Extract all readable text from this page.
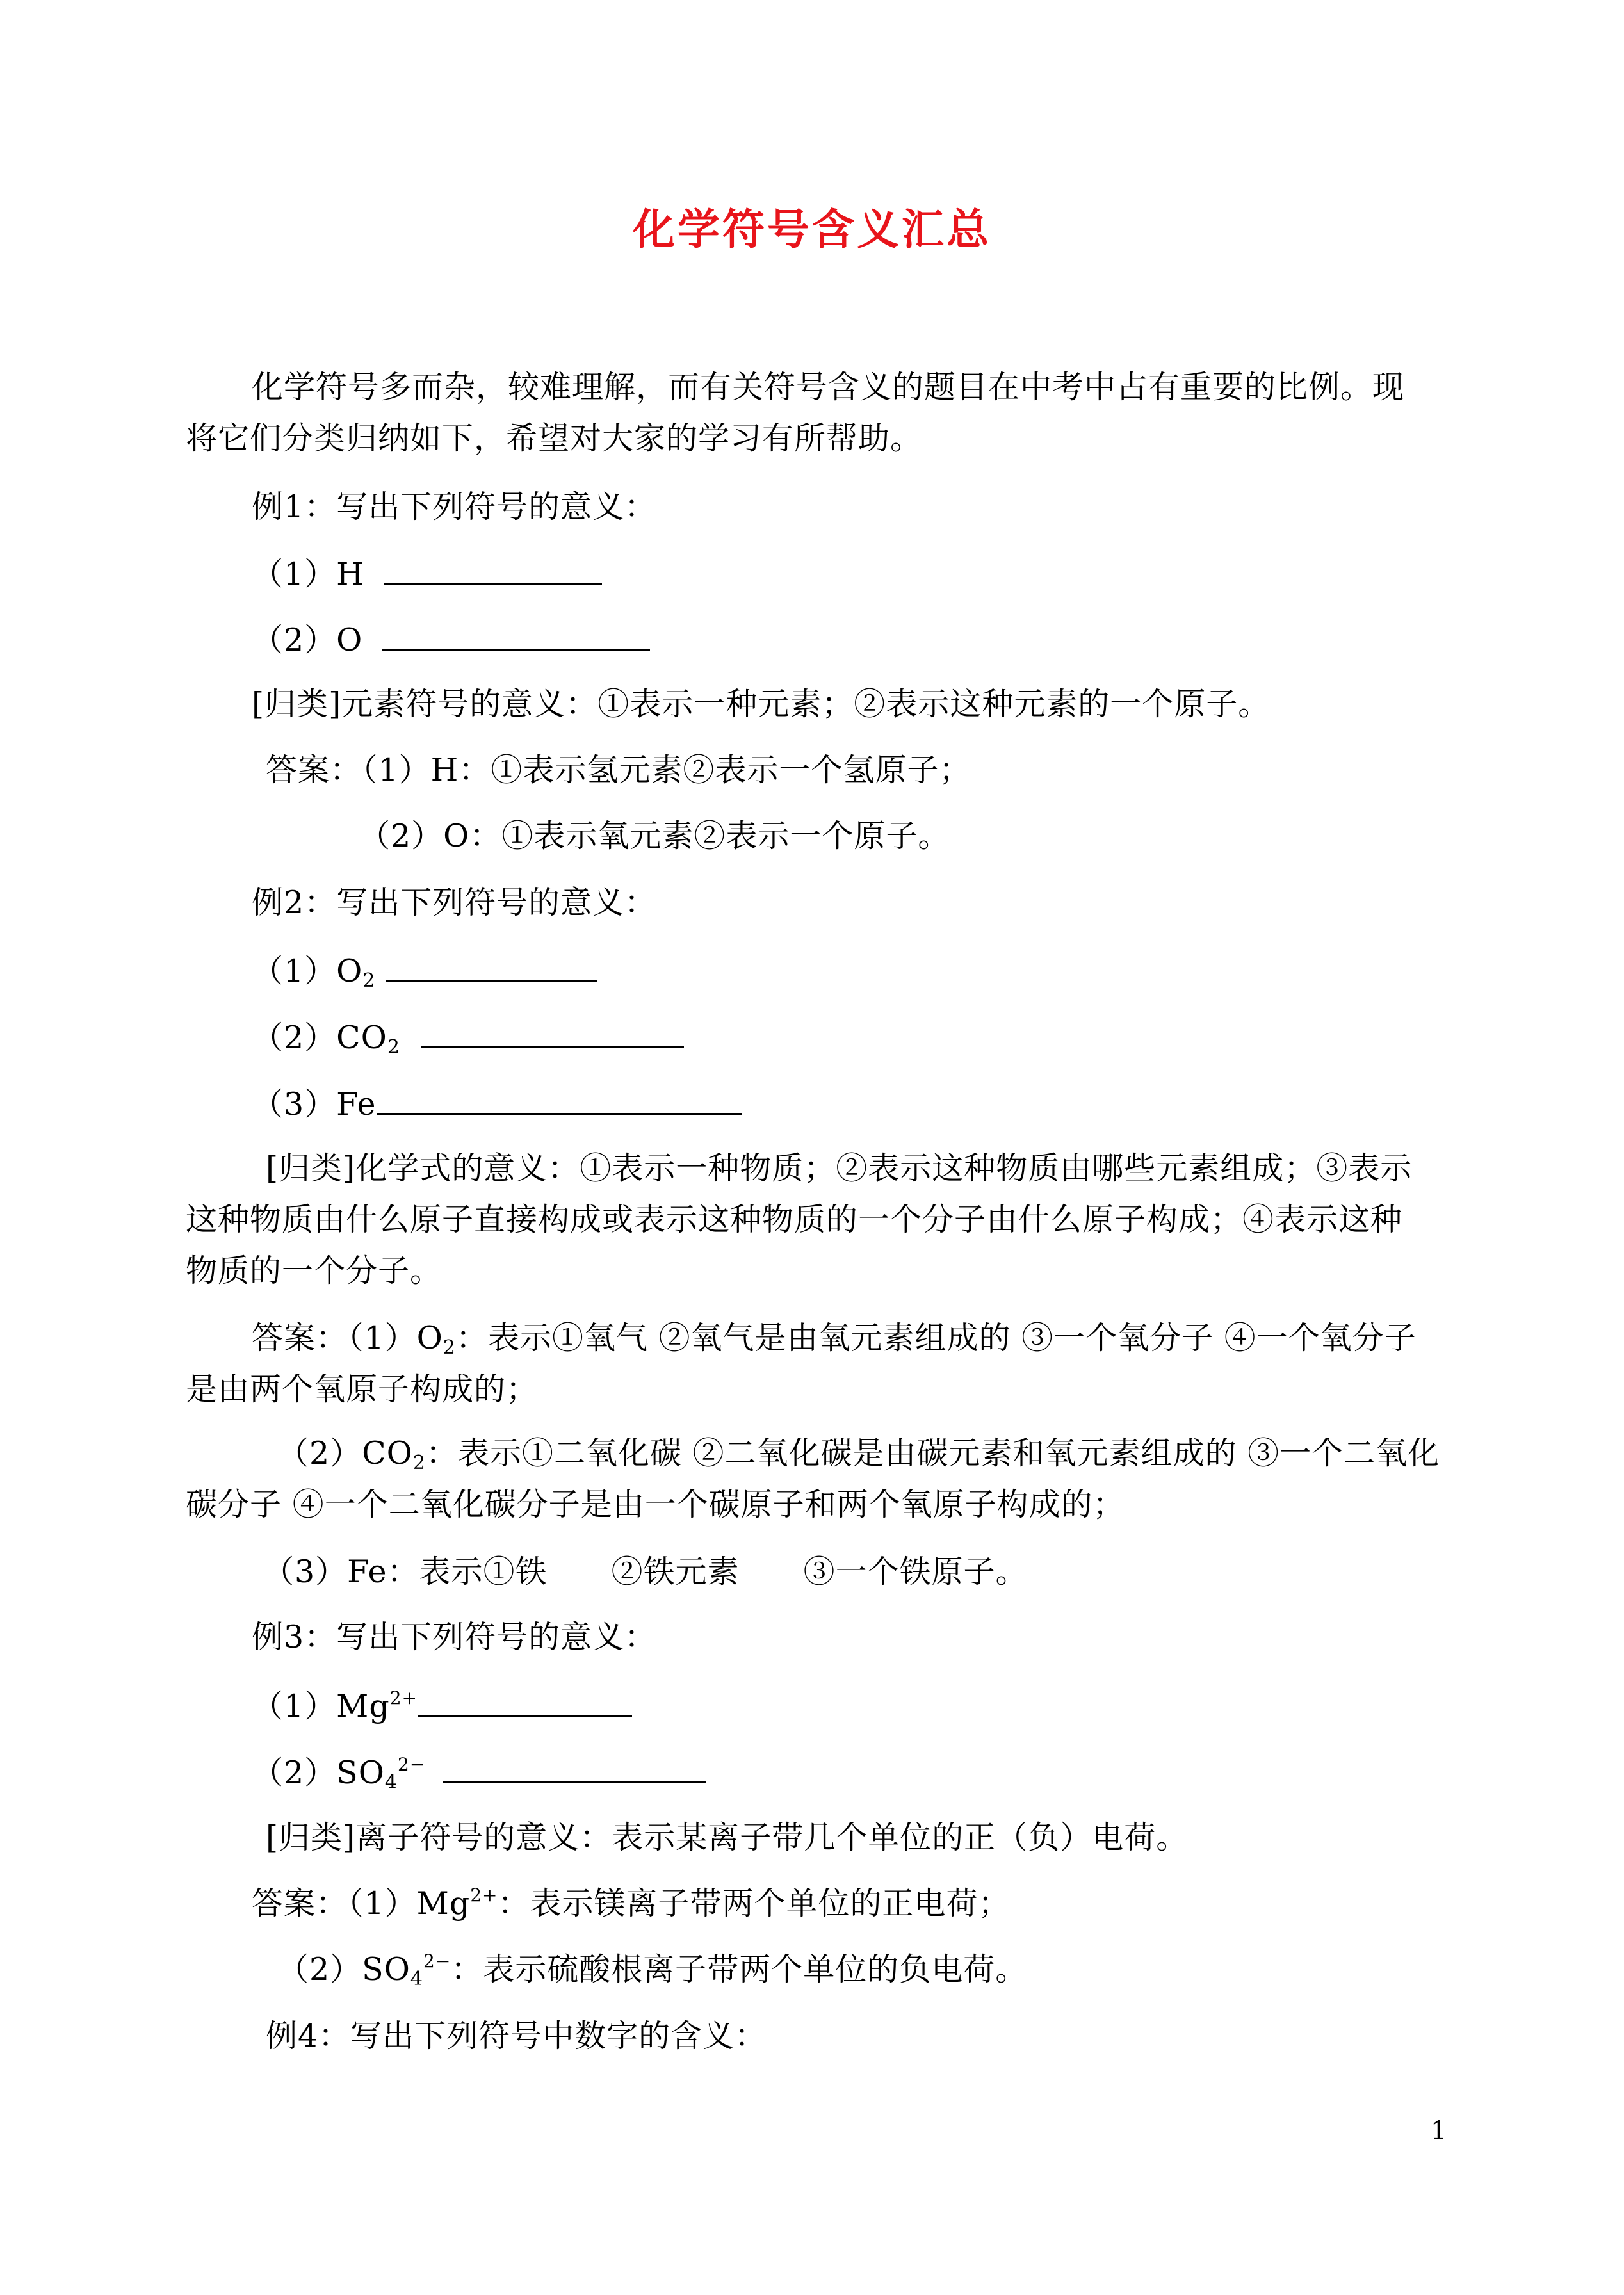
化学符号含义汇总
化学符号多而杂，较难理解，而有关符号含义的题目在中考中占有重要的比例。现
将它们分类归纳如下，希望对大家的学习有所帮助。
例1：写出下列符号的意义：
（1）H
（2）O
[归类]元素符号的意义：①表示一种元素；②表示这种元素的一个原子。
答案：（1）H：①表示氢元素②表示一个氢原子；
（2）O：①表示氧元素②表示一个原子。
例2：写出下列符号的意义：
$(1)O_2$
$(2)CO_2$
（3）Fe
[归类]化学式的意义：①表示一种物质；②表示这种物质由哪些元素组成；③表示
这种物质由什么原子直接构成或表示这种物质的一个分子由什么原子构成；④表示这种
物质的一个分子。
答案：$(1)O_2$：表示①氧气 ②氧气是由氧元素组成的 ③一个氧分子 ④一个氧分子
是由两个氧原子构成的；
$(2)CO_2$：表示①二氧化碳 ②二氧化碳是由碳元素和氧元素组成的 ③一个二氧化
碳分子 ④一个二氧化碳分子是由一个碳原子和两个氧原子构成的；
（3）Fe：表示①铁　　②铁元素　　③一个铁原子。
例3：写出下列符号的意义：
$(1)Mg^{2+}$
$(2)SO_4^{2-}$
[归类]离子符号的意义：表示某离子带几个单位的正（负）电荷。
答案：$(1)Mg^{2+}$：表示镁离子带两个单位的正电荷；
$(2)SO_4^{2-}$：表示硫酸根离子带两个单位的负电荷。
例4：写出下列符号中数字的含义：
1
